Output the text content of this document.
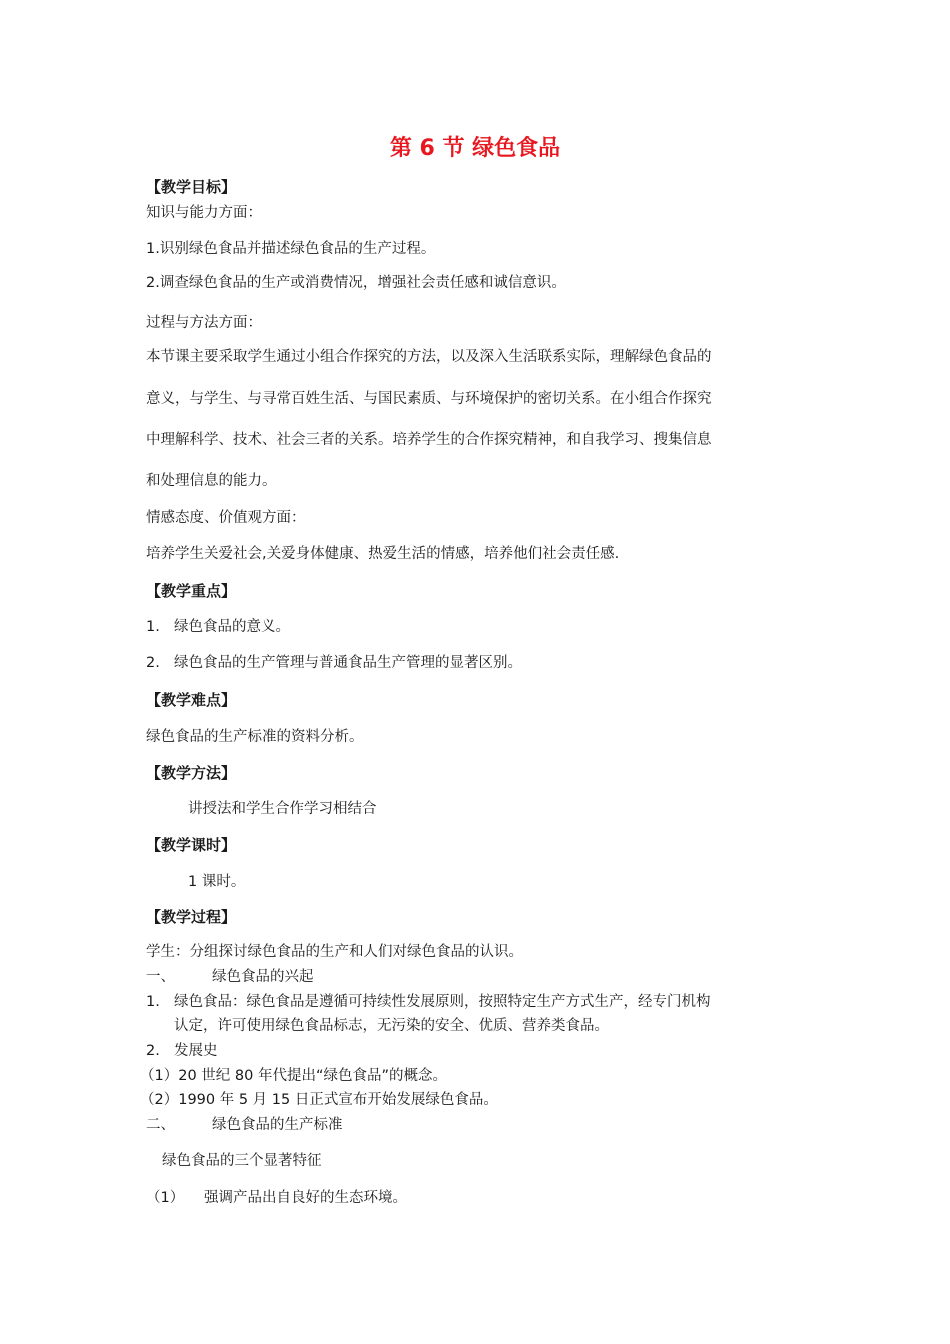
第 6 节 绿色食品
【教学目标】
知识与能力方面：
1.识别绿色食品并描述绿色食品的生产过程。
2.调查绿色食品的生产或消费情况，增强社会责任感和诚信意识。
过程与方法方面：
本节课主要采取学生通过小组合作探究的方法，以及深入生活联系实际，理解绿色食品的
意义，与学生、与寻常百姓生活、与国民素质、与环境保护的密切关系。在小组合作探究
中理解科学、技术、社会三者的关系。培养学生的合作探究精神，和自我学习、搜集信息
和处理信息的能力。
情感态度、价值观方面：
培养学生关爱社会,关爱身体健康、热爱生活的情感，培养他们社会责任感.
【教学重点】
1. 绿色食品的意义。
2. 绿色食品的生产管理与普通食品生产管理的显著区别。
【教学难点】
绿色食品的生产标准的资料分析。
【教学方法】
讲授法和学生合作学习相结合
【教学课时】
1 课时。
【教学过程】
学生：分组探讨绿色食品的生产和人们对绿色食品的认识。
一、	绿色食品的兴起
1. 绿色食品：绿色食品是遵循可持续性发展原则，按照特定生产方式生产，经专门机构
认定，许可使用绿色食品标志，无污染的安全、优质、营养类食品。
2. 发展史
（1）20 世纪 80 年代提出“绿色食品”的概念。
（2）1990 年 5 月 15 日正式宣布开始发展绿色食品。
二、	绿色食品的生产标准
绿色食品的三个显著特征
（1） 强调产品出自良好的生态环境。
